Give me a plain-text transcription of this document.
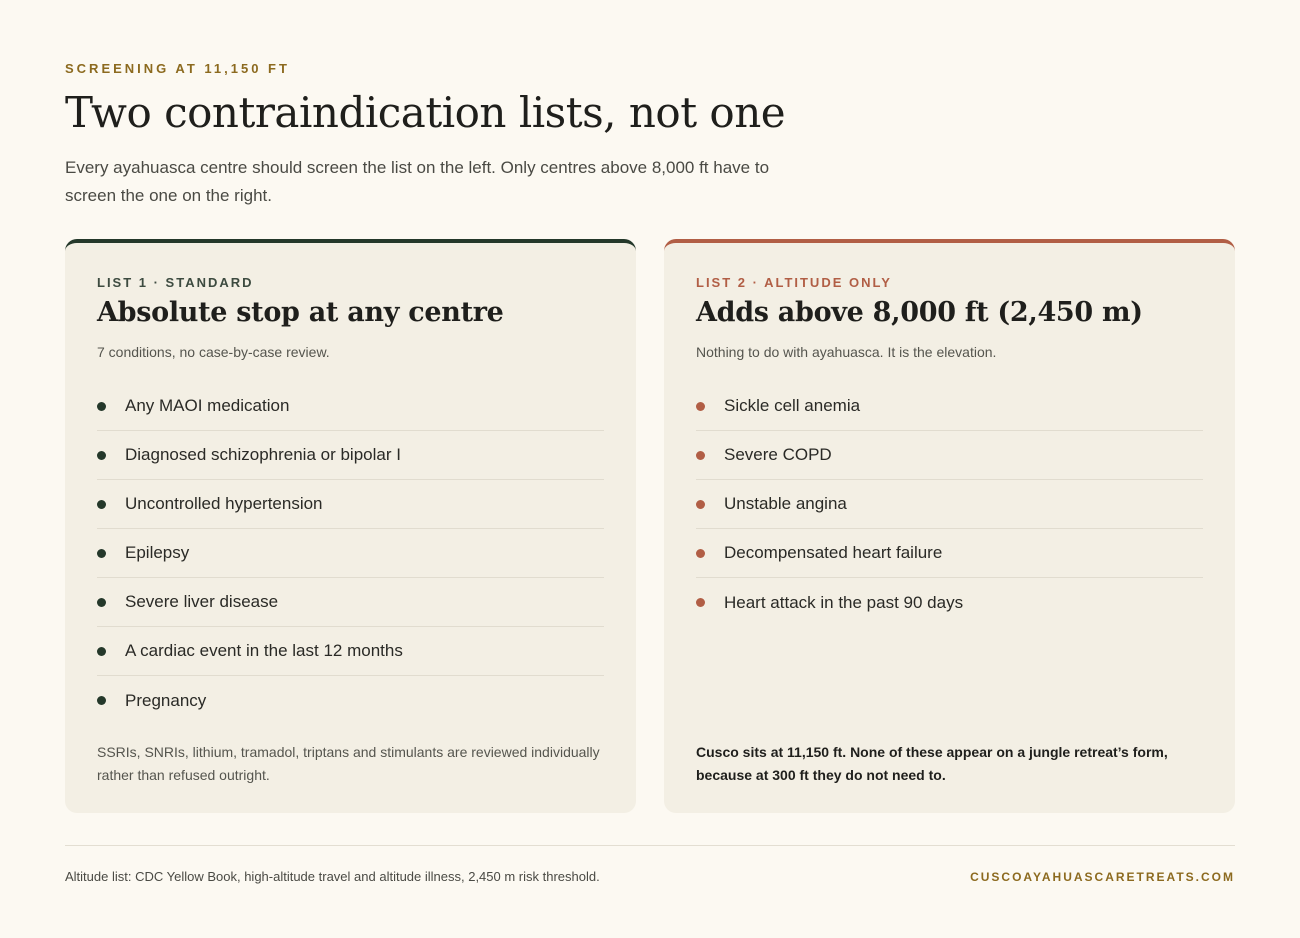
SCREENING AT 11,150 FT
Two contraindication lists, not one

Every ayahuasca centre should screen the list on the left. Only centres above 8,000 ft have to screen the one on the right.

LIST 1 · STANDARD
Absolute stop at any centre
7 conditions, no case-by-case review.
Any MAOI medication
Diagnosed schizophrenia or bipolar I
Uncontrolled hypertension
Epilepsy
Severe liver disease
A cardiac event in the last 12 months
Pregnancy

SSRIs, SNRIs, lithium, tramadol, triptans and stimulants are reviewed individually rather than refused outright.

LIST 2 · ALTITUDE ONLY
Adds above 8,000 ft (2,450 m)
Nothing to do with ayahuasca. It is the elevation.
Sickle cell anemia
Severe COPD
Unstable angina
Decompensated heart failure
Heart attack in the past 90 days

Cusco sits at 11,150 ft. None of these appear on a jungle retreat’s form, because at 300 ft they do not need to.

Altitude list: CDC Yellow Book, high-altitude travel and altitude illness, 2,450 m risk threshold.	CUSCOAYAHUASCARETREATS.COM
